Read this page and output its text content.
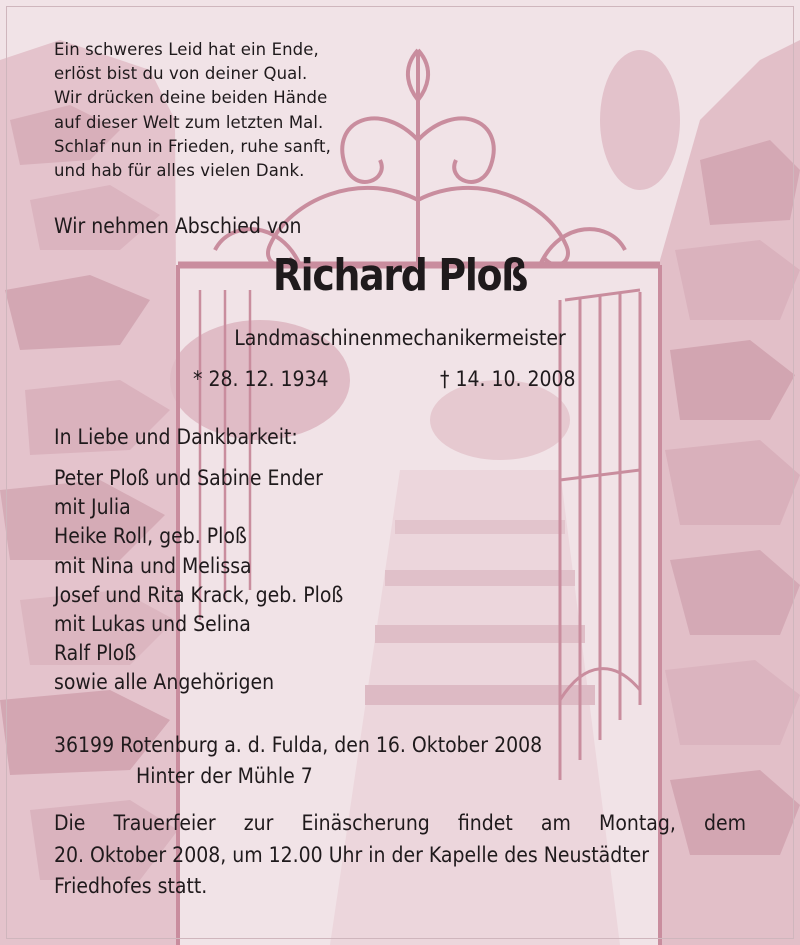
Ein schweres Leid hat ein Ende,
erlöst bist du von deiner Qual.
Wir drücken deine beiden Hände
auf dieser Welt zum letzten Mal.
Schlaf nun in Frieden, ruhe sanft,
und hab für alles vielen Dank.
Wir nehmen Abschied von
Richard Ploß
Landmaschinenmechanikermeister
* 28. 12. 1934	† 14. 10. 2008
In Liebe und Dankbarkeit:
Peter Ploß und Sabine Ender
mit Julia
Heike Roll, geb. Ploß
mit Nina und Melissa
Josef und Rita Krack, geb. Ploß
mit Lukas und Selina
Ralf Ploß
sowie alle Angehörigen
36199 Rotenburg a. d. Fulda, den 16. Oktober 2008
Hinter der Mühle 7
Die Trauerfeier zur Einäscherung findet am Montag, dem
20. Oktober 2008, um 12.00 Uhr in der Kapelle des Neustädter
Friedhofes statt.
